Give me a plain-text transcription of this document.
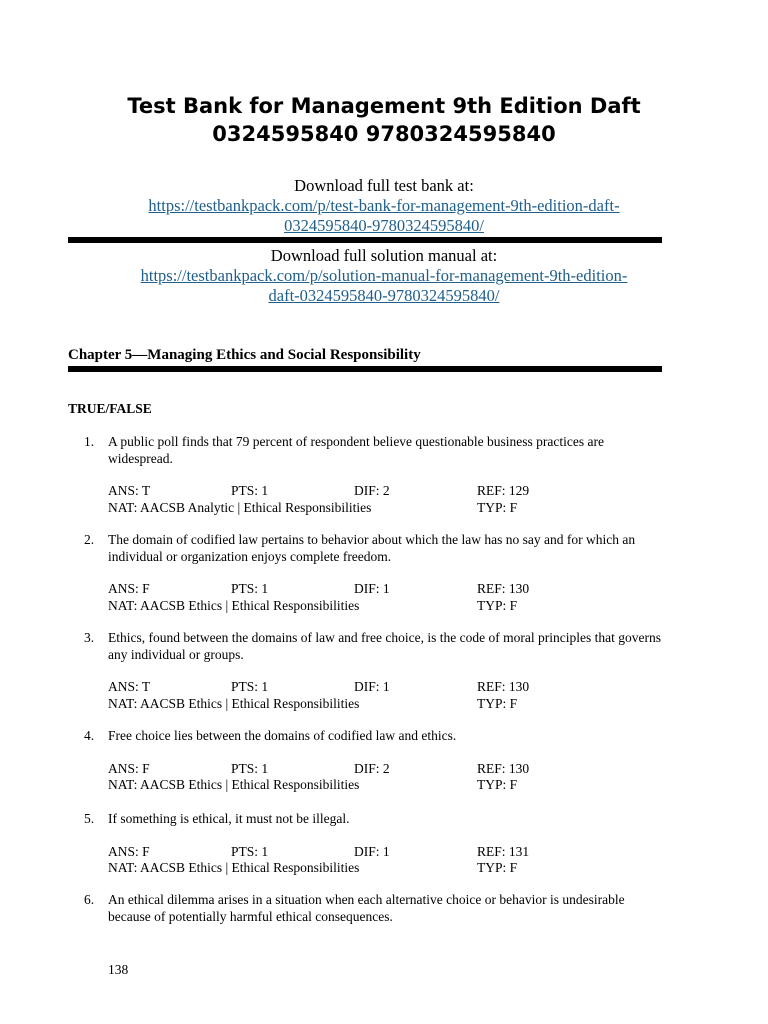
Test Bank for Management 9th Edition Daft
0324595840 9780324595840
Download full test bank at:
https://testbankpack.com/p/test-bank-for-management-9th-edition-daft-
0324595840-9780324595840/
Download full solution manual at:
https://testbankpack.com/p/solution-manual-for-management-9th-edition-
daft-0324595840-9780324595840/
Chapter 5—Managing Ethics and Social Responsibility
TRUE/FALSE
1. A public poll finds that 79 percent of respondent believe questionable business practices are widespread.
ANS: T	PTS: 1	DIF: 2	REF: 129
NAT: AACSB Analytic | Ethical Responsibilities	TYP: F
2. The domain of codified law pertains to behavior about which the law has no say and for which an individual or organization enjoys complete freedom.
ANS: F	PTS: 1	DIF: 1	REF: 130
NAT: AACSB Ethics | Ethical Responsibilities	TYP: F
3. Ethics, found between the domains of law and free choice, is the code of moral principles that governs any individual or groups.
ANS: T	PTS: 1	DIF: 1	REF: 130
NAT: AACSB Ethics | Ethical Responsibilities	TYP: F
4. Free choice lies between the domains of codified law and ethics.
ANS: F	PTS: 1	DIF: 2	REF: 130
NAT: AACSB Ethics | Ethical Responsibilities	TYP: F
5. If something is ethical, it must not be illegal.
ANS: F	PTS: 1	DIF: 1	REF: 131
NAT: AACSB Ethics | Ethical Responsibilities	TYP: F
6. An ethical dilemma arises in a situation when each alternative choice or behavior is undesirable because of potentially harmful ethical consequences.
138
